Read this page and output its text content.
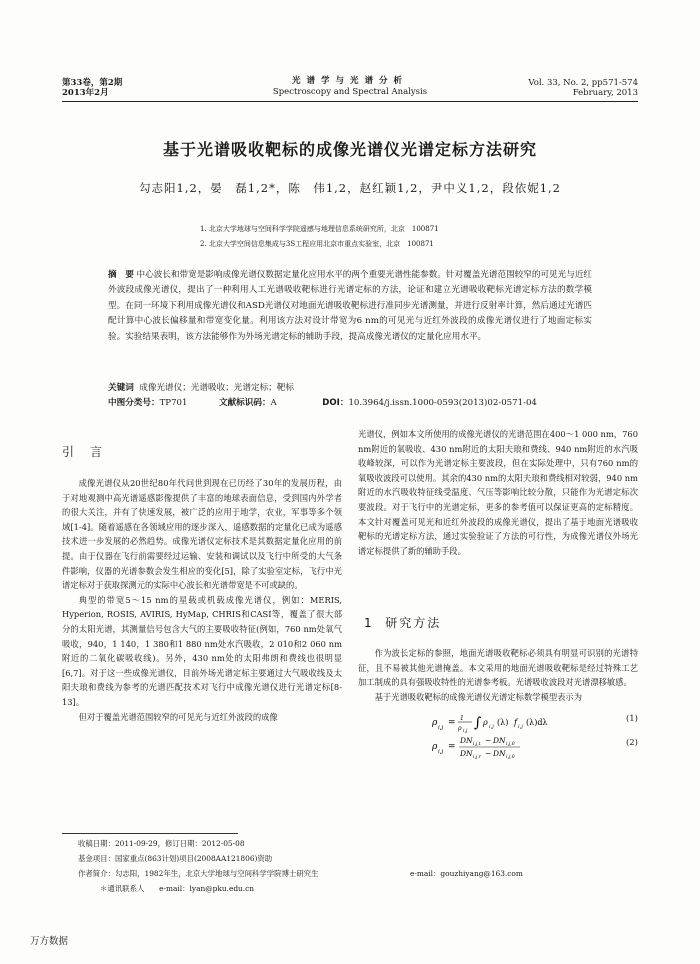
第33卷，第2期
2013年2月
光谱学与光谱分析
Spectroscopy and Spectral Analysis
Vol. 33, No. 2, pp571-574
February, 2013
基于光谱吸收靶标的成像光谱仪光谱定标方法研究
勾志阳1,2，晏　磊1,2*，陈　伟1,2，赵红颖1,2，尹中义1,2，段依妮1,2
1. 北京大学地球与空间科学学院遥感与地理信息系统研究所，北京　100871
2. 北京大学空间信息集成与3S工程应用北京市重点实验室，北京　100871
摘　要 中心波长和带宽是影响成像光谱仪数据定量化应用水平的两个重要光谱性能参数。针对覆盖光谱范围较窄的可见光与近红外波段成像光谱仪，提出了一种利用人工光谱吸收靶标进行光谱定标的方法，论证和建立光谱吸收靶标光谱定标方法的数学模型。在同一环境下利用成像光谱仪和ASD光谱仪对地面光谱吸收靶标进行准同步光谱测量，并进行反射率计算，然后通过光谱匹配计算中心波长偏移量和带宽变化量。利用该方法对设计带宽为6 nm的可见光与近红外波段的成像光谱仪进行了地面定标实验。实验结果表明，该方法能够作为外场光谱定标的辅助手段，提高成像光谱仪的定量化应用水平。
关键词 成像光谱仪；光谱吸收；光谱定标；靶标
中图分类号：TP701	文献标识码：A	DOI：10.3964/j.issn.1000-0593(2013)02-0571-04
引　言

成像光谱仪从20世纪80年代问世到现在已历经了30年的发展历程，由于对地观测中高光谱遥感影像提供了丰富的地球表面信息，受到国内外学者的很大关注，并有了快速发展，被广泛的应用于地学，农业，军事等多个领域[1-4]。随着遥感在各领域应用的逐步深入，遥感数据的定量化已成为遥感技术进一步发展的必然趋势。成像光谱仪定标技术是其数据定量化应用的前提。由于仪器在飞行前需要经过运输、安装和调试以及飞行中所受的大气条件影响，仪器的光谱参数会发生相应的变化[5]，除了实验室定标，飞行中光谱定标对于获取探测元的实际中心波长和光谱带宽是不可或缺的。

典型的带宽5～15 nm的星载或机载成像光谱仪，例如：MERIS, Hyperion, ROSIS, AVIRIS, HyMap, CHRIS和CASI等，覆盖了很大部分的太阳光谱，其测量信号包含大气的主要吸收特征(例如，760 nm处氧气吸收，940，1 140，1 380和1 880 nm处水汽吸收，2 010和2 060 nm附近的二氧化碳吸收线)。另外，430 nm处的太阳弗朗和费线也很明显[6,7]。对于这一些成像光谱仪，目前外场光谱定标主要通过大气吸收线及太阳夫琅和费线为参考的光谱匹配技术对飞行中成像光谱仪进行光谱定标[8-13]。

但对于覆盖光谱范围较窄的可见光与近红外波段的成像

光谱仪，例如本文所使用的成像光谱仪的光谱范围在400～1 000 nm，760 nm附近的氧吸收、430 nm附近的太阳夫琅和费线、940 nm附近的水汽吸收峰较深，可以作为光谱定标主要波段，但在实际处理中，只有760 nm的氧吸收波段可以使用。其余的430 nm的太阳夫琅和费线相对较弱，940 nm附近的水汽吸收特征线受温度、气压等影响比较分散，只能作为光谱定标次要波段。对于飞行中的光谱定标，更多的参考值可以保证更高的定标精度。本文针对覆盖可见光和近红外波段的成像光谱仪，提出了基于地面光谱吸收靶标的光谱定标方法，通过实验验证了方法的可行性，为成像光谱仪外场光谱定标提供了新的辅助手段。

1 研究方法

作为波长定标的参照，地面光谱吸收靶标必须具有明显可识别的光谱特征，且不易被其他光谱掩盖。本文采用的地面光谱吸收靶标是经过特殊工艺加工制成的具有强吸收特性的光谱参考板。光谱吸收波段对光谱漂移敏感。

基于光谱吸收靶标的成像光谱仪光谱定标数学模型表示为

ρ i,j = 1
ρ i,j
∫ ρ i,j (λ) f i,j (λ)dλ	(1)
ρ i,j =
DN i,j,t − DN i,j,0
DN i,j,r − DN i,j,0
(2)
收稿日期：2011-09-29，修订日期：2012-05-08
基金项目：国家重点(863计划)项目(2008AA121806)资助
作者简介：勾志阳，1982年生，北京大学地球与空间科学学院博士研究生	e-mail：gouzhiyang@163.com
＊通讯联系人　　e-mail：lyan@pku.edu.cn
万方数据
